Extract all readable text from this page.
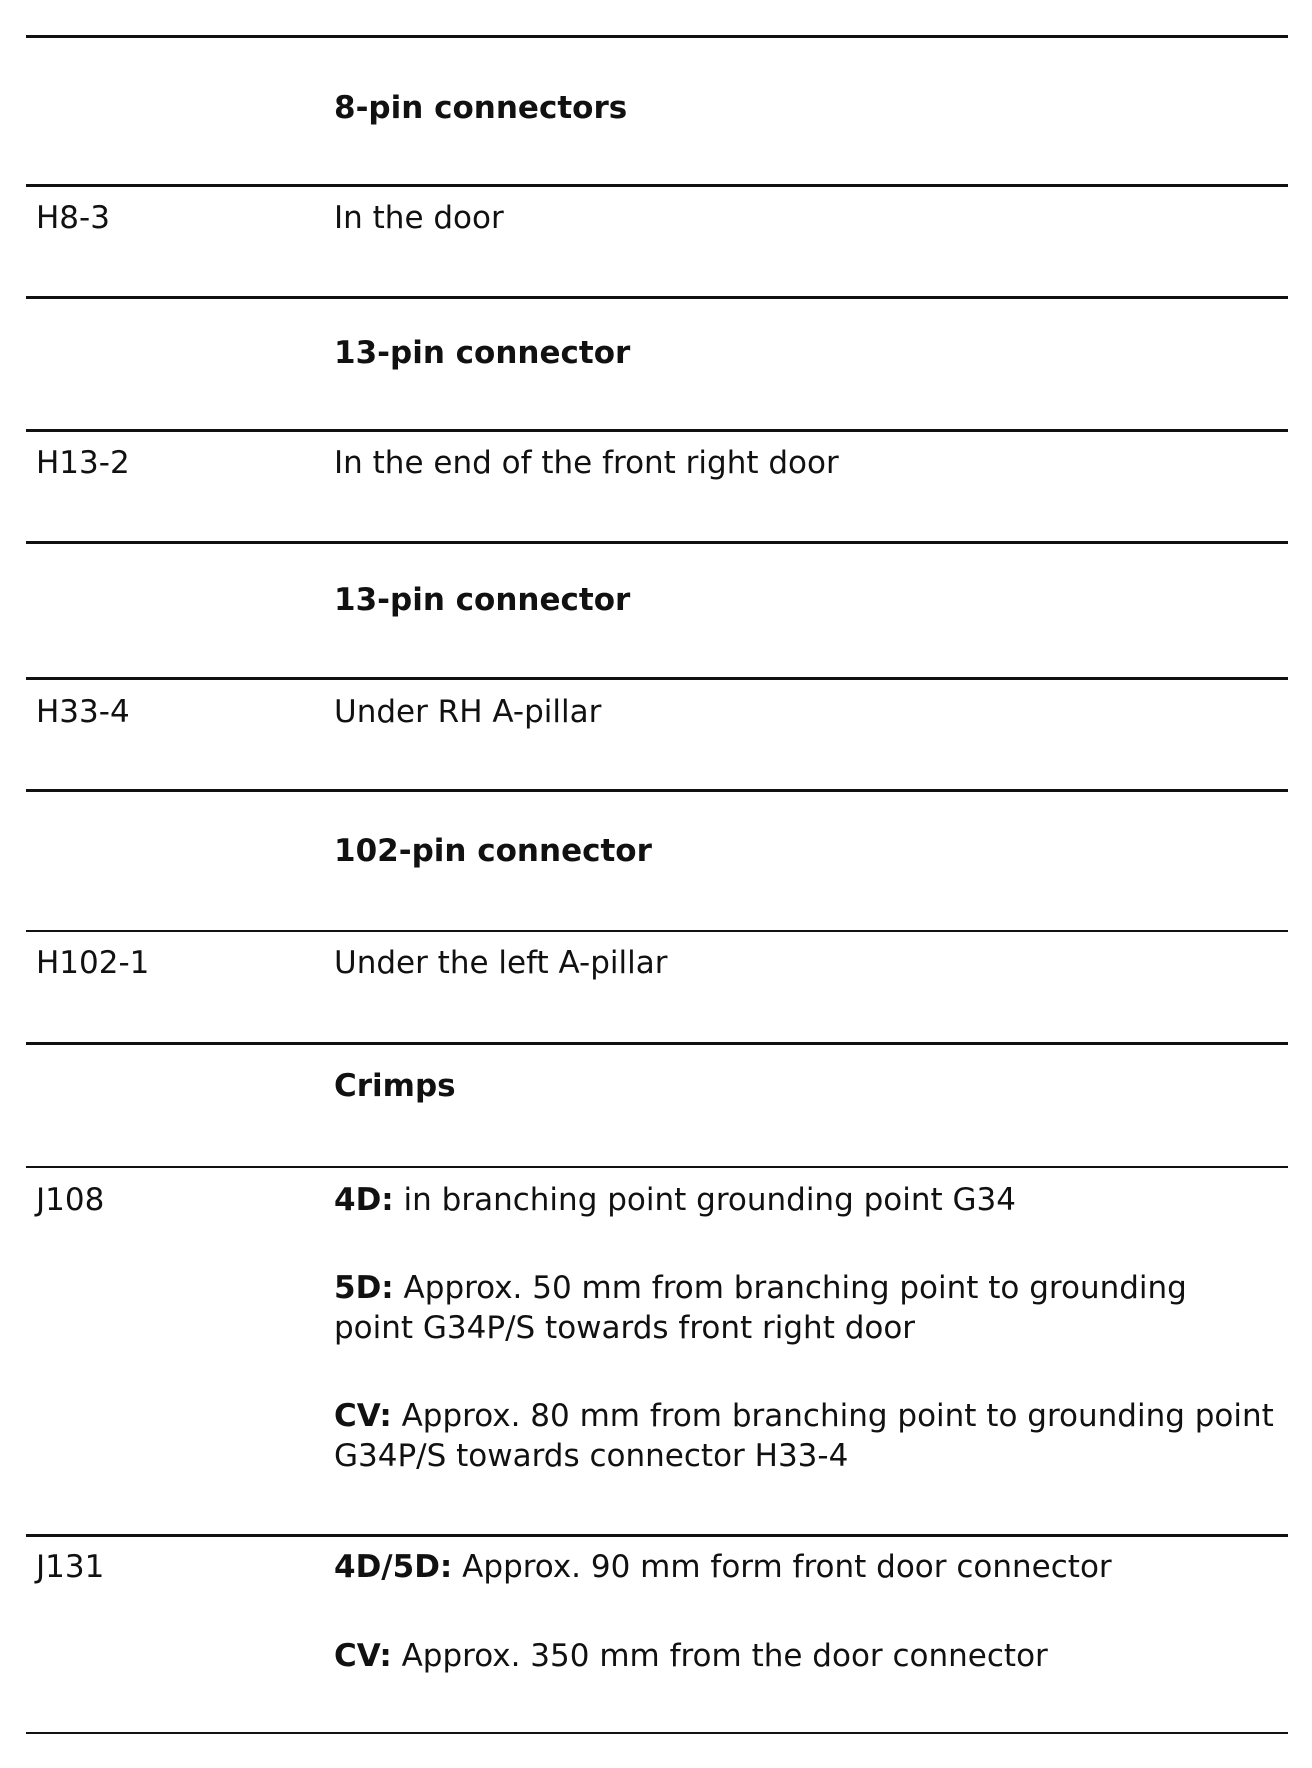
8-pin connectors
H8-3	In the door
13-pin connector
H13-2	In the end of the front right door
13-pin connector
H33-4	Under RH A-pillar
102-pin connector
H102-1	Under the left A-pillar
Crimps
J108	4D: in branching point grounding point G34
5D: Approx. 50 mm from branching point to grounding point G34P/S towards front right door
CV: Approx. 80 mm from branching point to grounding point G34P/S towards connector H33-4
J131	4D/5D: Approx. 90 mm form front door connector
CV: Approx. 350 mm from the door connector
